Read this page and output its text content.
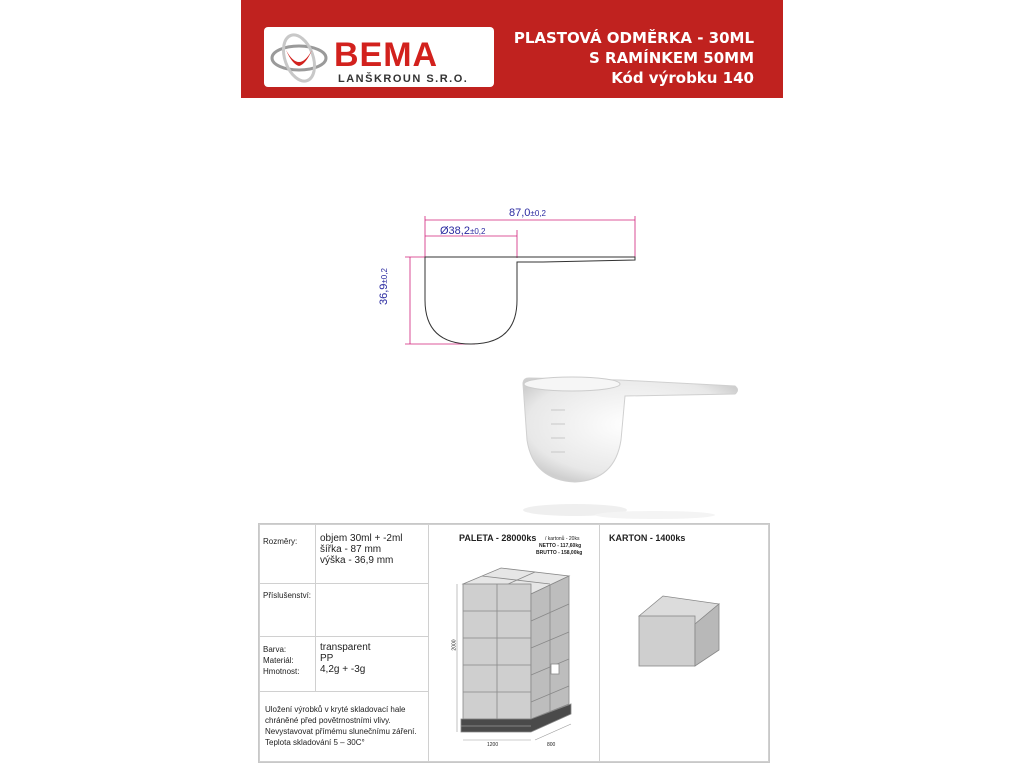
BEMA
LANŠKROUN S.R.O.
PLASTOVÁ ODMĚRKA - 30ML
S RAMÍNKEM 50MM
Kód výrobku 140
87,0±0,2
Ø38,2±0,2
36,9±0,2
Rozměry: objem 30ml + -2ml
šířka - 87 mm
výška - 36,9 mm
Příslušenství:
Barva:
Materiál:
Hmotnost:
transparent
PP
4,2g + -3g
Uložení výrobků v kryté skladovací hale
chráněné před povětrnostními vlivy.
Nevystavovat přímému slunečnímu záření.
Teplota skladování 5 – 30C°
PALETA - 28000ks / kartonů - 20ks
NETTO - 117,60kg
BRUTTO - 158,00kg
KARTON - 1400ks
2000
1200	800
